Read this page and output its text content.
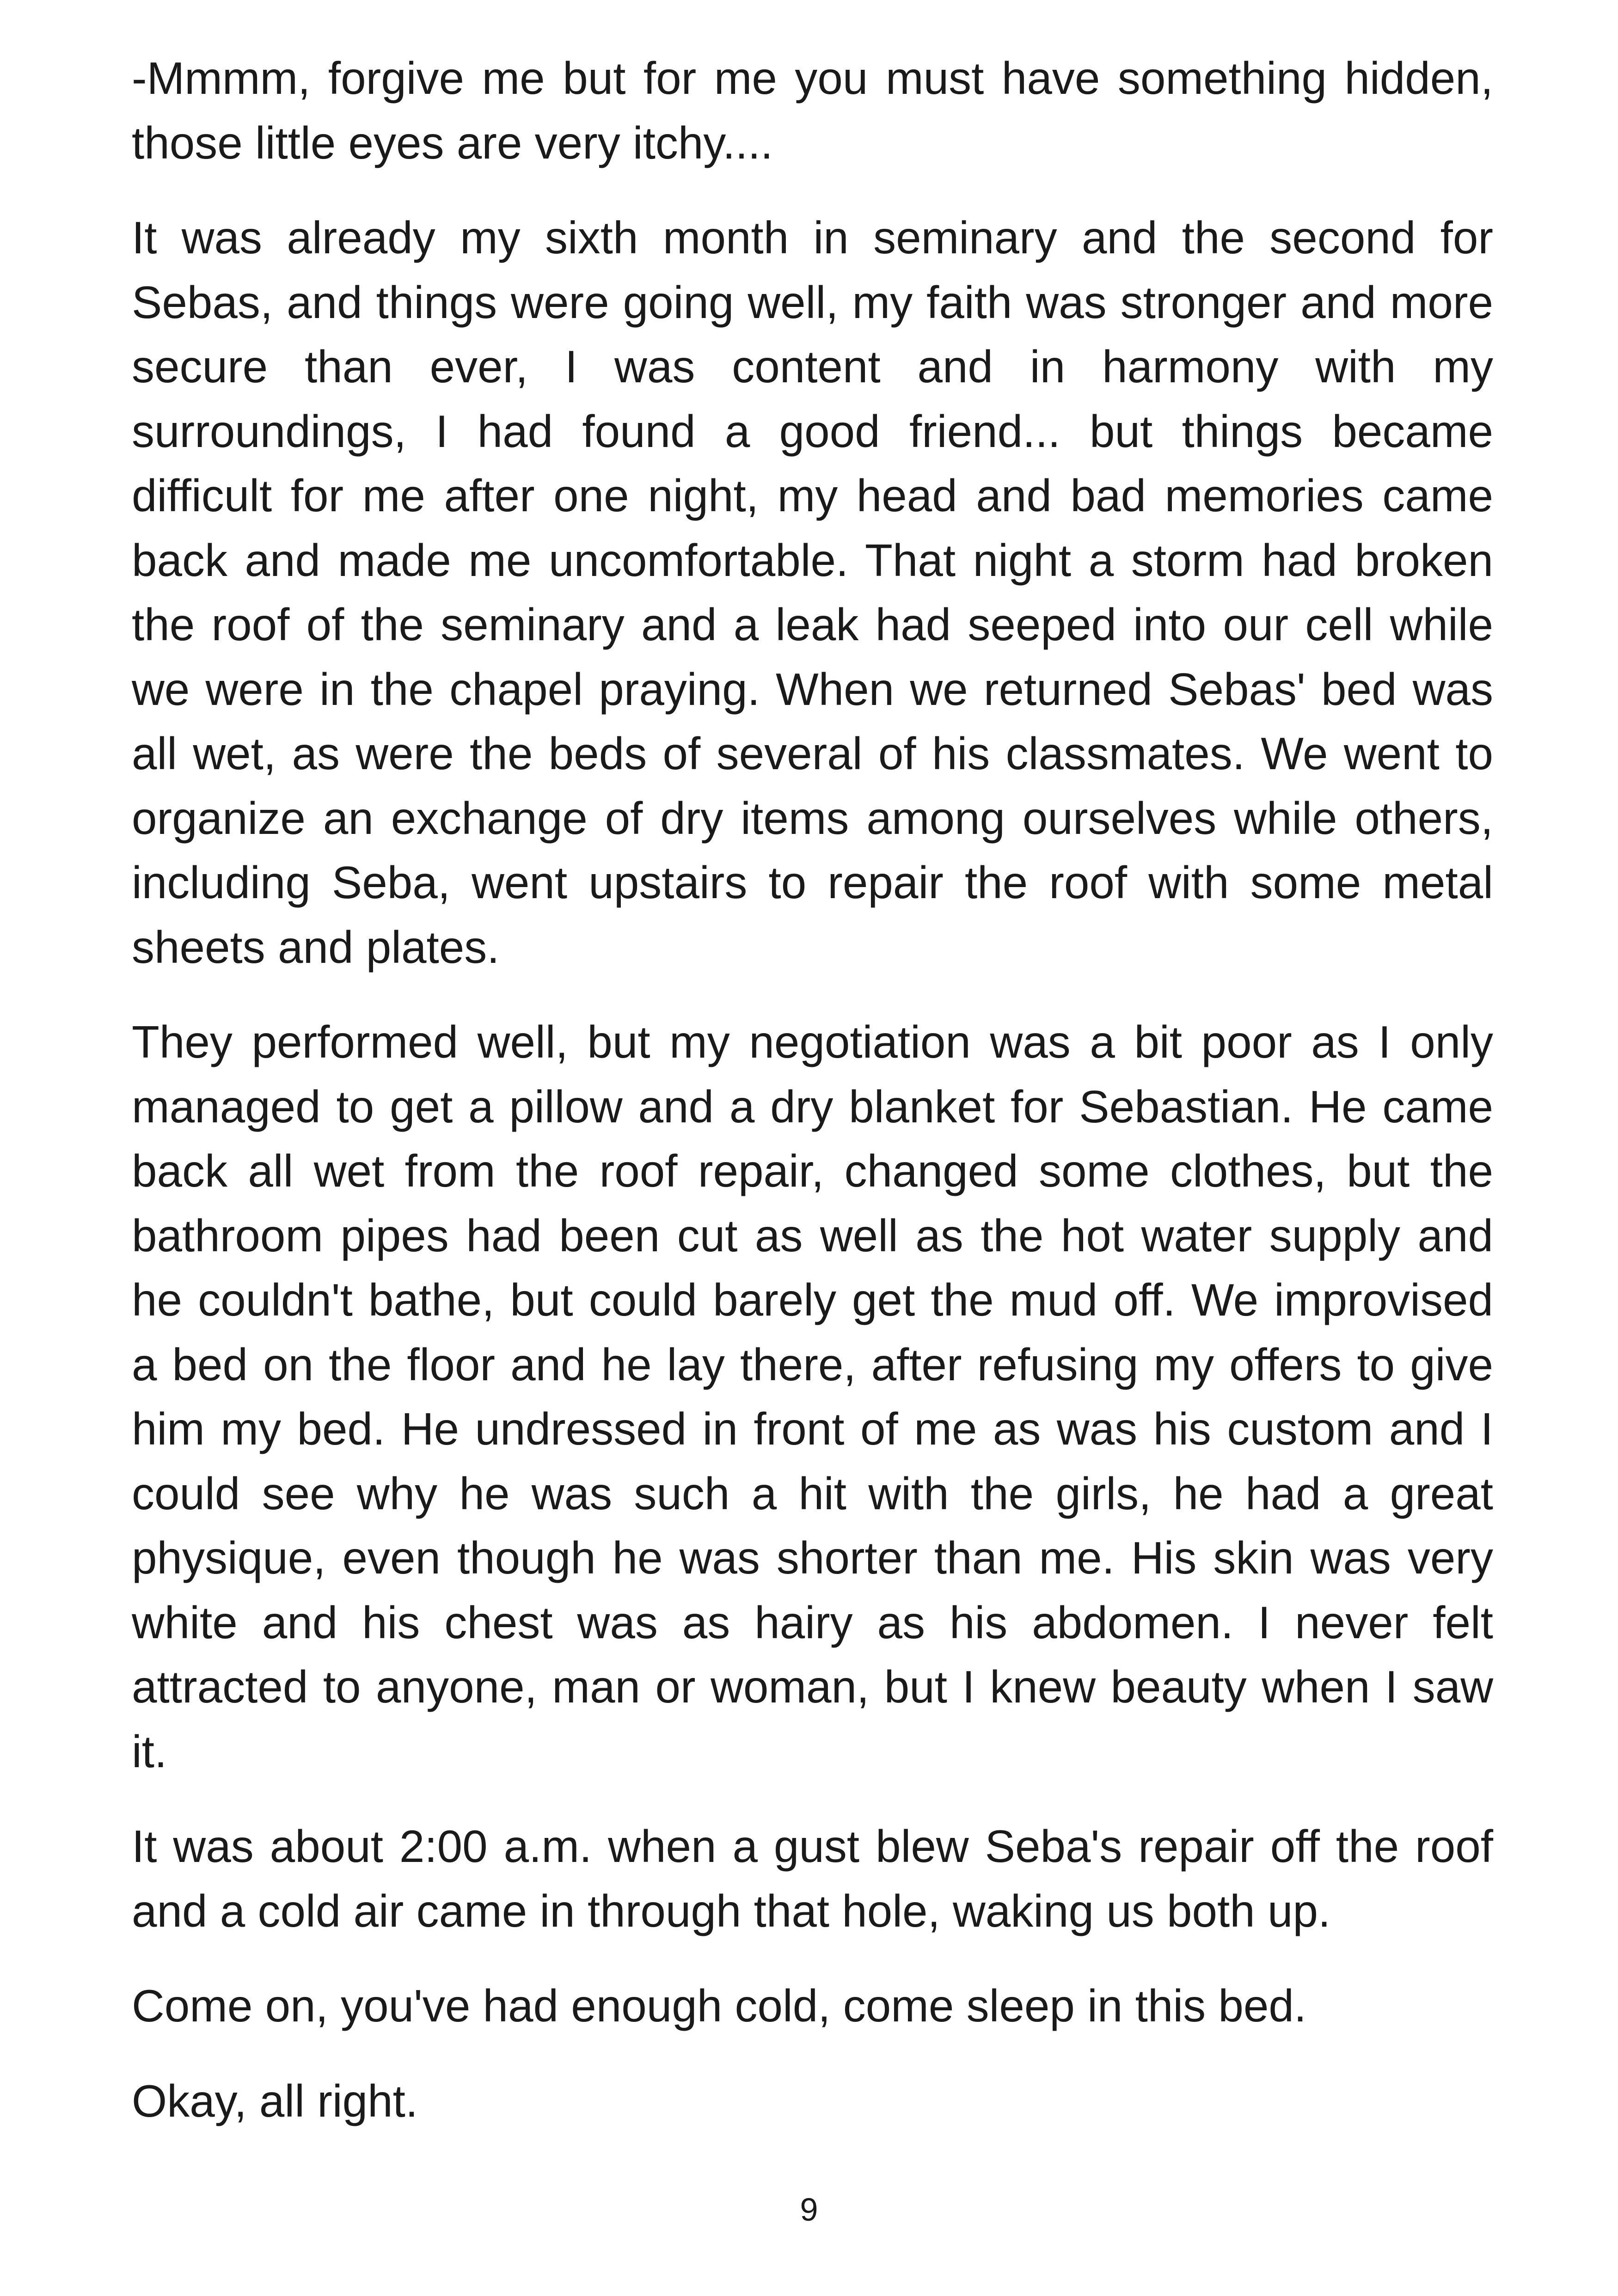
-Mmmm, forgive me but for me you must have something hidden, those little eyes are very itchy....

It was already my sixth month in seminary and the second for Sebas, and things were going well, my faith was stronger and more secure than ever, I was content and in harmony with my surroundings, I had found a good friend... but things became difficult for me after one night, my head and bad memories came back and made me uncomfortable. That night a storm had broken the roof of the seminary and a leak had seeped into our cell while we were in the chapel praying. When we returned Sebas' bed was all wet, as were the beds of several of his classmates. We went to organize an exchange of dry items among ourselves while others, including Seba, went upstairs to repair the roof with some metal sheets and plates.

They performed well, but my negotiation was a bit poor as I only managed to get a pillow and a dry blanket for Sebastian. He came back all wet from the roof repair, changed some clothes, but the bathroom pipes had been cut as well as the hot water supply and he couldn't bathe, but could barely get the mud off. We improvised a bed on the floor and he lay there, after refusing my offers to give him my bed. He undressed in front of me as was his custom and I could see why he was such a hit with the girls, he had a great physique, even though he was shorter than me. His skin was very white and his chest was as hairy as his abdomen. I never felt attracted to anyone, man or woman, but I knew beauty when I saw it.

It was about 2:00 a.m. when a gust blew Seba's repair off the roof and a cold air came in through that hole, waking us both up.

Come on, you've had enough cold, come sleep in this bed.

Okay, all right.

9
